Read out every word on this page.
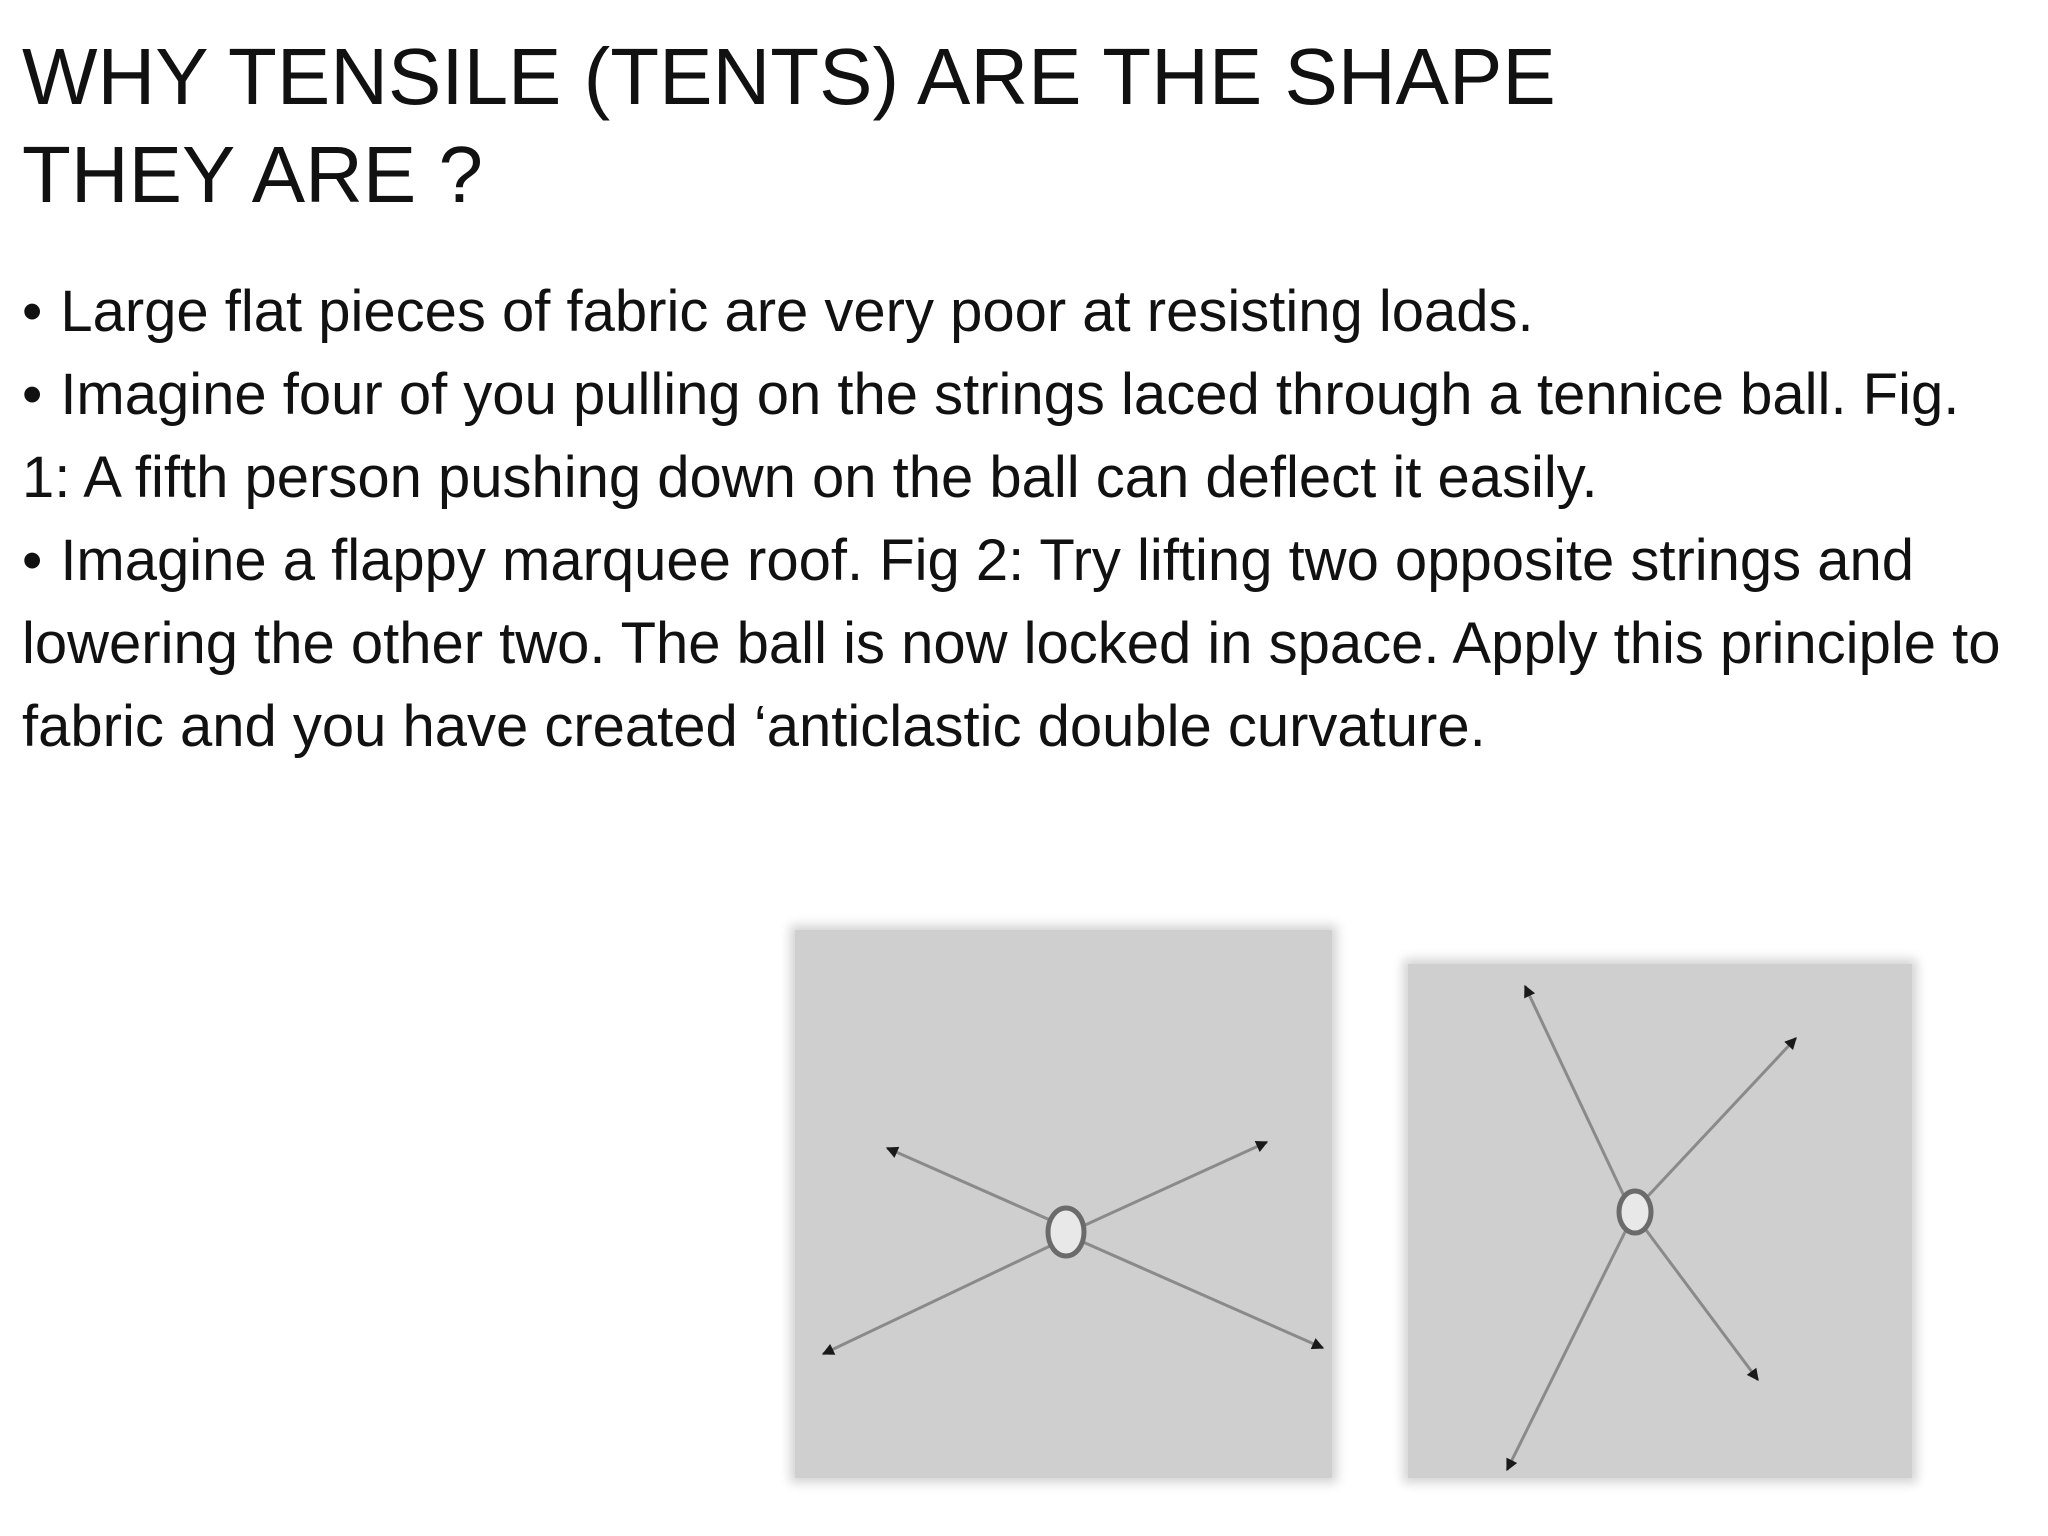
WHY TENSILE (TENTS) ARE THE SHAPE
THEY ARE ?

• Large flat pieces of fabric are very poor at resisting loads.

• Imagine four of you pulling on the strings laced through a tennice ball. Fig. 1: A fifth person pushing down on the ball can deflect it easily.

• Imagine a flappy marquee roof. Fig 2: Try lifting two opposite strings and lowering the other two. The ball is now locked in space. Apply this principle to fabric and you have created ‘anticlastic double curvature.
